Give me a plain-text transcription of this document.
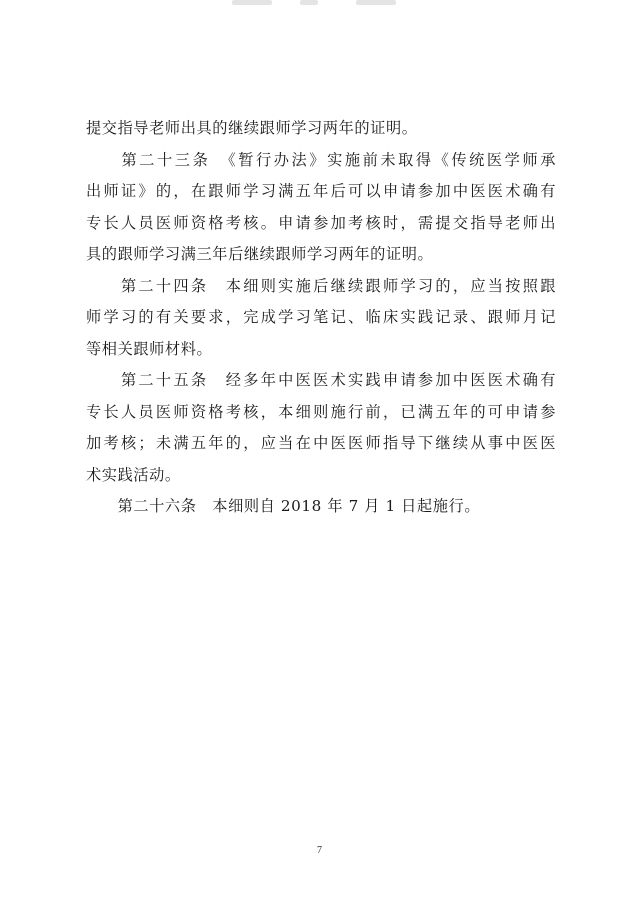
提交指导老师出具的继续跟师学习两年的证明。
　　第二十三条　《暂行办法》实施前未取得《传统医学师承
出师证》的，在跟师学习满五年后可以申请参加中医医术确有
专长人员医师资格考核。申请参加考核时，需提交指导老师出
具的跟师学习满三年后继续跟师学习两年的证明。
　　第二十四条　本细则实施后继续跟师学习的，应当按照跟
师学习的有关要求，完成学习笔记、临床实践记录、跟师月记
等相关跟师材料。
　　第二十五条　经多年中医医术实践申请参加中医医术确有
专长人员医师资格考核，本细则施行前，已满五年的可申请参
加考核；未满五年的，应当在中医医师指导下继续从事中医医
术实践活动。
　　第二十六条　本细则自 2018 年 7 月 1 日起施行。
7
